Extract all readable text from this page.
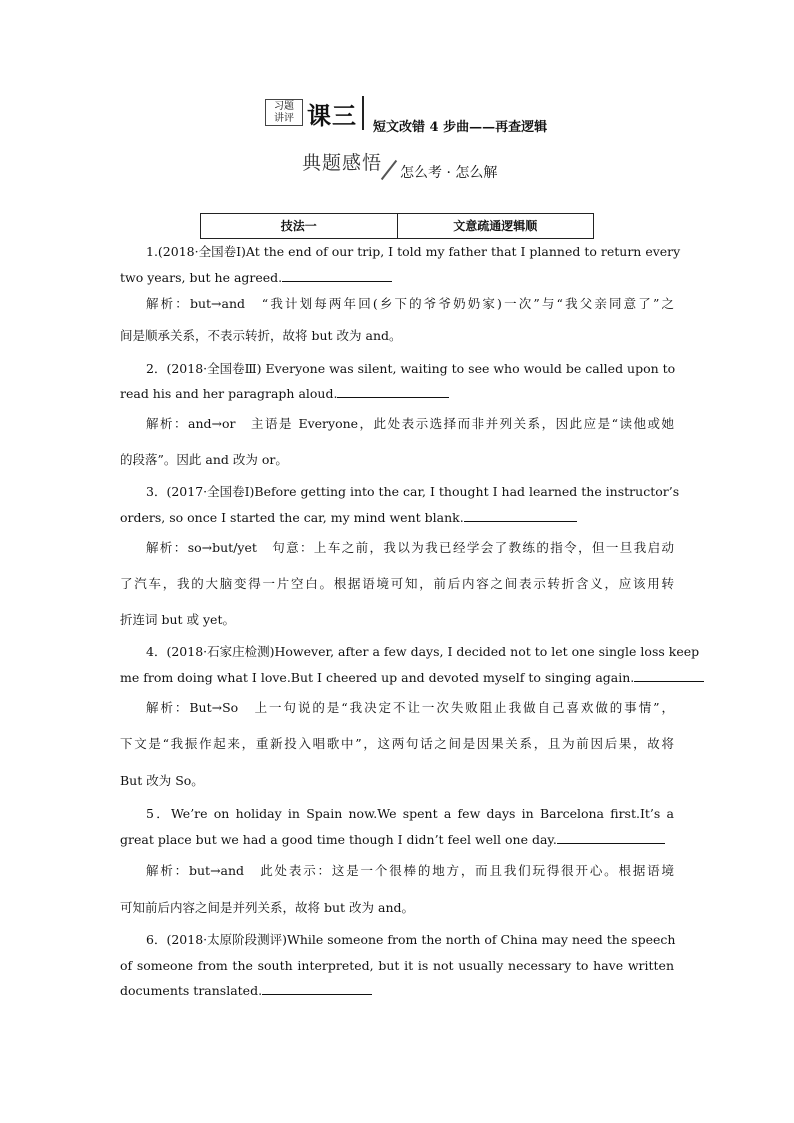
习题
讲评 课三 短文改错 4 步曲——再查逻辑
典题感悟 怎么考 · 怎么解
技法一	文意疏通逻辑顺
1.(2018·全国卷Ⅰ)At the end of our trip, I told my father that I planned to return every
two years, but he agreed.
解析：but→and　“我计划每两年回(乡下的爷爷奶奶家)一次”与“我父亲同意了”之
间是顺承关系，不表示转折，故将 but 改为 and。
2．(2018·全国卷Ⅲ) Everyone was silent, waiting to see who would be called upon to
read his and her paragraph aloud.
解析：and→or　主语是 Everyone，此处表示选择而非并列关系，因此应是“读他或她
的段落”。因此 and 改为 or。
3．(2017·全国卷Ⅰ)Before getting into the car, I thought I had learned the instructor’s
orders, so once I started the car, my mind went blank.
解析：so→but/yet　句意：上车之前，我以为我已经学会了教练的指令，但一旦我启动
了汽车，我的大脑变得一片空白。根据语境可知，前后内容之间表示转折含义，应该用转
折连词 but 或 yet。
4．(2018·石家庄检测)However, after a few days, I decided not to let one single loss keep
me from doing what I love.But I cheered up and devoted myself to singing again.
解析：But→So　上一句说的是“我决定不让一次失败阻止我做自己喜欢做的事情”，
下文是“我振作起来，重新投入唱歌中”，这两句话之间是因果关系，且为前因后果，故将
But 改为 So。
5．We’re on holiday in Spain now.We spent a few days in Barcelona first.It’s a
great place but we had a good time though I didn’t feel well one day.
解析：but→and　此处表示：这是一个很棒的地方，而且我们玩得很开心。根据语境
可知前后内容之间是并列关系，故将 but 改为 and。
6．(2018·太原阶段测评)While someone from the north of China may need the speech
of someone from the south interpreted, but it is not usually necessary to have written
documents translated.
